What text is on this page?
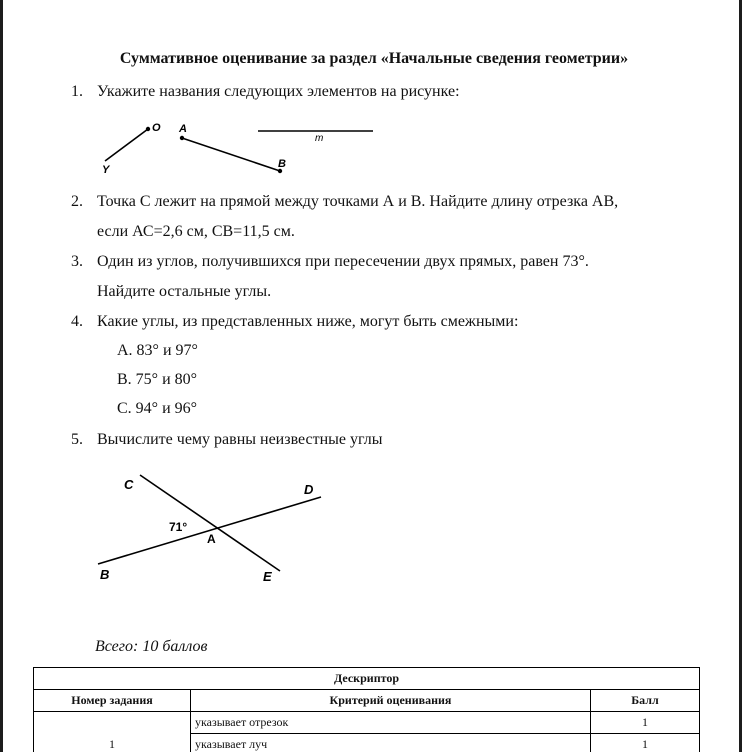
Суммативное оценивание за раздел «Начальные сведения геометрии»
1. Укажите названия следующих элементов на рисунке:
O
Y
A
B
m
2. Точка С лежит на прямой между точками А и В. Найдите длину отрезка АВ,
если АС=2,6 см, СВ=11,5 см.
3. Один из углов, получившихся при пересечении двух прямых, равен 73°.
Найдите остальные углы.
4. Какие углы, из представленных ниже, могут быть смежными:
A. 83° и 97°
B. 75° и 80°
C. 94° и 96°
5. Вычислите чему равны неизвестные углы
C	D
B	E
A
71°
Всего: 10 баллов
Дескриптор		
Номер задания	Критерий оценивания	Балл
	указывает отрезок	1
1	указывает луч	1
